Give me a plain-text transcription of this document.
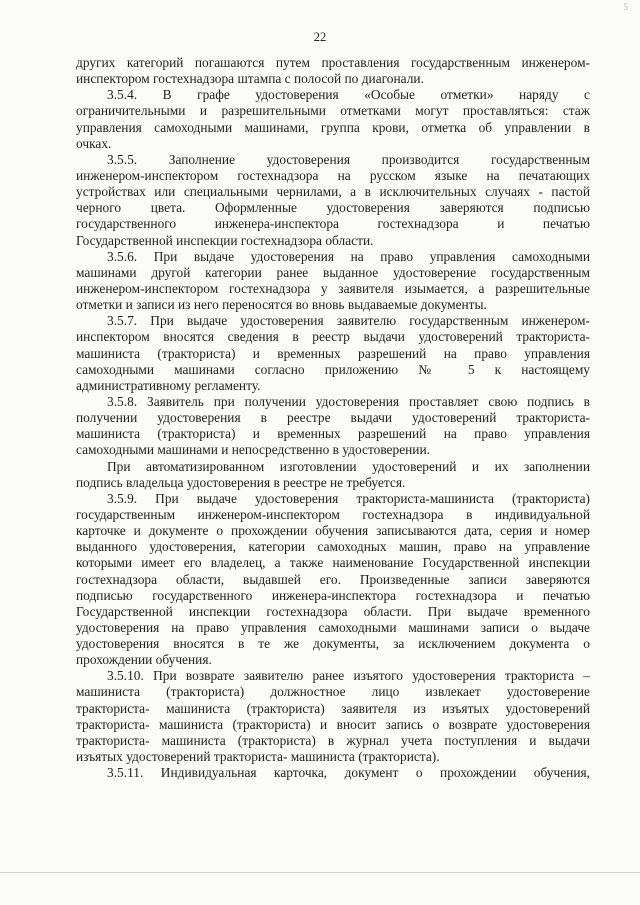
22
5
других категорий погашаются путем проставления государственным инженером-
инспектором гостехнадзора штампа с полосой по диагонали.
3.5.4. В графе удостоверения «Особые отметки» наряду с
ограничительными и разрешительными отметками могут проставляться: стаж
управления самоходными машинами, группа крови, отметка об управлении в
очках.
3.5.5. Заполнение удостоверения производится государственным
инженером-инспектором гостехнадзора на русском языке на печатающих
устройствах или специальными чернилами, а в исключительных случаях - пастой
черного цвета. Оформленные удостоверения заверяются подписью
государственного инженера-инспектора гостехнадзора и печатью
Государственной инспекции гостехнадзора области.
3.5.6. При выдаче удостоверения на право управления самоходными
машинами другой категории ранее выданное удостоверение государственным
инженером-инспектором гостехнадзора у заявителя изымается, а разрешительные
отметки и записи из него переносятся во вновь выдаваемые документы.
3.5.7. При выдаче удостоверения заявителю государственным инженером-
инспектором вносятся сведения в реестр выдачи удостоверений тракториста-
машиниста (тракториста) и временных разрешений на право управления
самоходными машинами согласно приложению № 5 к настоящему
административному регламенту.
3.5.8. Заявитель при получении удостоверения проставляет свою подпись в
получении удостоверения в реестре выдачи удостоверений тракториста-
машиниста (тракториста) и временных разрешений на право управления
самоходными машинами и непосредственно в удостоверении.
При автоматизированном изготовлении удостоверений и их заполнении
подпись владельца удостоверения в реестре не требуется.
3.5.9. При выдаче удостоверения тракториста-машиниста (тракториста)
государственным инженером-инспектором гостехнадзора в индивидуальной
карточке и документе о прохождении обучения записываются дата, серия и номер
выданного удостоверения, категории самоходных машин, право на управление
которыми имеет его владелец, а также наименование Государственной инспекции
гостехнадзора области, выдавшей его. Произведенные записи заверяются
подписью государственного инженера-инспектора гостехнадзора и печатью
Государственной инспекции гостехнадзора области. При выдаче временного
удостоверения на право управления самоходными машинами записи о выдаче
удостоверения вносятся в те же документы, за исключением документа о
прохождении обучения.
3.5.10. При возврате заявителю ранее изъятого удостоверения тракториста –
машиниста (тракториста) должностное лицо извлекает удостоверение
тракториста- машиниста (тракториста) заявителя из изъятых удостоверений
тракториста- машиниста (тракториста) и вносит запись о возврате удостоверения
тракториста- машиниста (тракториста) в журнал учета поступления и выдачи
изъятых удостоверений тракториста- машиниста (тракториста).
3.5.11. Индивидуальная карточка, документ о прохождении обучения,
